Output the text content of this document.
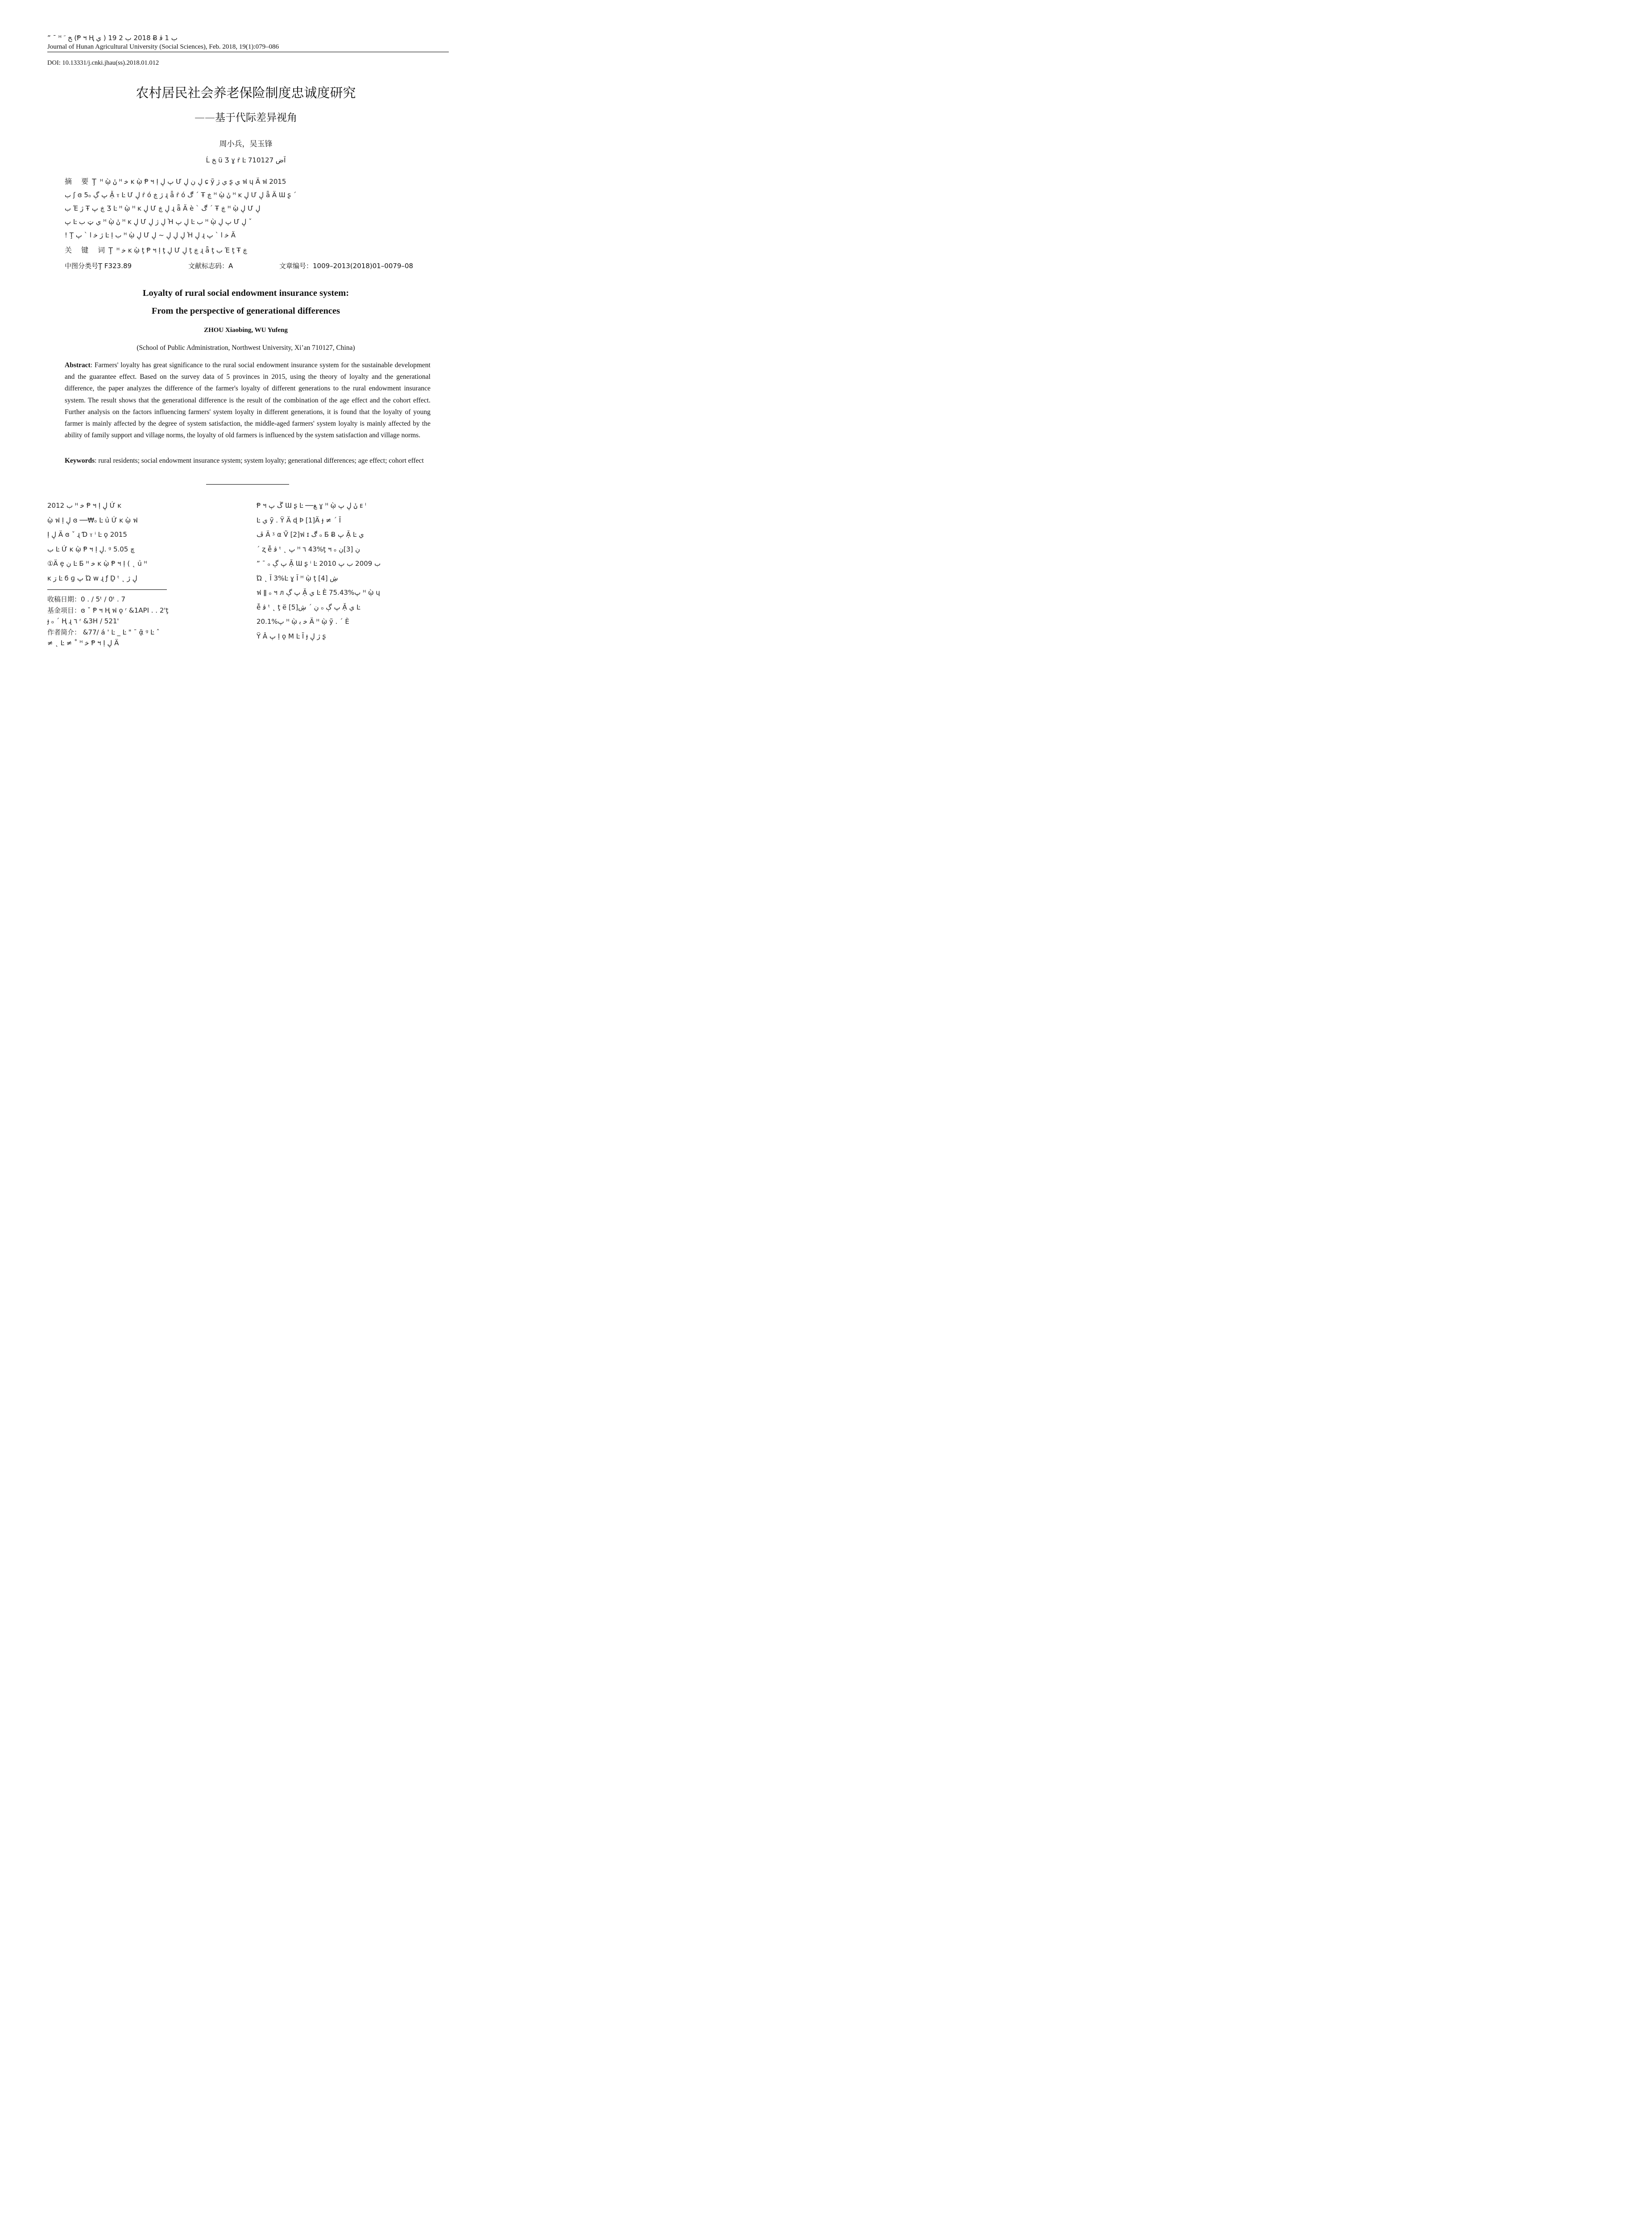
” ¯ ᴴ ﺦ ﹶ (Ᵽ ฯ Ⱨ ي ) 2018 ب 2 19 Ƀ ب 1 ﭬ
Journal of Hunan Agricultural University (Social Sciences), Feb. 2018, 19(1):079–086
DOI: 10.13331/j.cnki.jhau(ss).2018.01.012
农村居民社会养老保险制度忠诚度研究
——基于代际差异视角
周小兵，吴玉锋
Ĺ ﺦ ü Ʒ ɣ ṙ Ŀ ض 710127Ĭ
摘 要Ţᴴ ῲ ݩ ᴴ ﺧ ĸ ῲ Ᵽ ฯ Ị پ ڸ Ư ڸ ڹ ڸ ɕ ỹ ي ﮊ ʂ ي ฟ ɥ Ä ฟ 2015
ب ʃ ɞ 5ₒ پ ڳ Ặ ⲧ Ŀ Ư ڸ ṙ ó ﮊ ڿ ɻ ǟ ṙ ó ڰ ˊ Ŧ ڿ ᴴ ῲ ݩ ᴴ ĸ ڸ Ư ڸ ǟ Ä Ɯ ʂ ˊ
ب Έ ﮊ Ŧ ڿ پ Ʒ Ŀ ᴴ ῲ ᴴ ĸ ڸ Ư ڸ ڿ ɻ ǟ Ä è ˋ ڰ ˊ Ŧ ڿ ᴴ ῲ ڸ Ư ڸ
پ Ŀ ي ټ ب ᴴ ῲ ݩ ᴴ ĸ ڸ Ư ڸ ژ ڸ Ἠ ڸ پ Ŀ ب ᴴ ῲ پ ڸ Ư ڸ ˇ
! Ţ ﮊ ﺧ ا ˋ پ Ŀ Ị ب ᴴ ῲ ڸ Ư ڸ ڸ ڸ ~ ڸ Ἠ ڸ ɻ ﺧ ا ˋ پ Ä
关 键 词Ţᴴ ﺧ ĸ ῲ ţ Ᵽ ฯ Ị ţ ڸ Ư ڸ ţ ڿ ɻ ǟ ţ ب Έ ţ Ŧ ڿ
中图分类号Ţ F323.89	文献标志码：A	文章编号：1009–2013(2018)01–0079–08
Loyalty of rural social endowment insurance system:
From the perspective of generational differences
ZHOU Xiaobing, WU Yufeng
(School of Public Administration, Northwest University, Xi’an 710127, China)
Abstract: Farmers' loyalty has great significance to the rural social endowment insurance system for the sustainable development and the guarantee effect. Based on the survey data of 5 provinces in 2015, using the theory of loyalty and the generational difference, the paper analyzes the difference of the farmer's loyalty of different generations to the rural endowment insurance system. The result shows that the generational difference is the result of the combination of the age effect and the cohort effect. Further analysis on the factors influencing farmers' system loyalty in different generations, it is found that the loyalty of young farmer is mainly affected by the degree of system satisfaction, the middle-aged farmers' system loyalty is mainly affected by the ability of family support and village norms, the loyalty of old farmers is influenced by the system satisfaction and village norms.
Keywords: rural residents; social endowment insurance system; system loyalty; generational differences; age effect; cohort effect
2012 ب ᴴ ﺧ Ᵽ ฯ Ị ڸ Ứ ĸ
ῲ ฟ Ị ڸ ɞ ──₩ₒ Ŀ ủ Ứ ĸ ῲ ฟ
Ị ڸ Ä ɞ ˇ ɻ Ɗ ⲧ ⁱ Ŀ ǫ 2015
ب Ŀ Ứ ĸ ῲ Ᵽ ฯ Ị ڸ. ᵍ ڇ 5.05
①Ä ȩ ڹ Ŀ Ƃ ᴴ ﺧ ĸ ῲ Ᵽ ฯ Ị ( ˛ ủ ᴴ
ĸ ڗ Ŀ ϭ ɡ پ Ώ w ɻ ƒ Ḏ ᵗ ˛ ڸ ﮊ
收稿日期：0 . / 5ᵗ / 0ᵗ . 7
基金项目：ɞ ˇ Ᵽ ฯ Ⱨ ฟ ǫ ʳ &1API . . 2'ţ
ɟ ₒ ˊ Ⱨ ɻ ٦ ʳ &3H / 521'
作者简介： &77/ á ' Ŀ _ Ŀ " ¯ ᾷ ᵍ Ŀ ˆ
≠ ˛ Ŀ ≠ ˚ ᴴ ﺧ Ᵽ ฯ Ị ڸ Ä
Ᵽ ฯ ڱ پ Ɯ ʂ Ŀ ──ﻎ ɣ ᴴ ῲ ݩ ڸ پ ᴇ ˡ
Ŀ ي ỹ . Ÿ Ä ɖ Þ [1]Ä ɟ ≠ ˊ Ĭ
ڦ Ä ᶾ α Ṽ [2]ฟ ɪ ڰ ₒ Ƃ Ƀ پ Ặ Ŀ ي
ˊ ʐ ễ ﭬ ᵗ ˛ پ ᴴ ٦ 43%ţ ฯ ₒ ڹ [3]ڹ
” ¯ ₒ پ ڳ Ặ Ɯ ʂ ⁱ Ŀ 2010 ب 2009 ب پ
Ώ ˛ Ĭ 3%Ŀ ɣ Ĭ ᴴ ῲ ţ ڜ [4]
ฟ ǁ ₒ ฯ л پ ڳ Ặ ي Ŀ È 75.43%پ ᴴ ῲ ɥ
ễ ﭬ ᵗ ˛ ţ ë [5]ڹ ˊ ڜ ₒ پ ڳ Ặ ي Ŀ
20.1%پ ᴴ ῲ ﺧ ﺑ Ä ᴴ ῲ ỹ . ˊ È
Ÿ Â پ Ị ǫ M Ŀ Ĩ ɟ ژ ڸ ʂ
